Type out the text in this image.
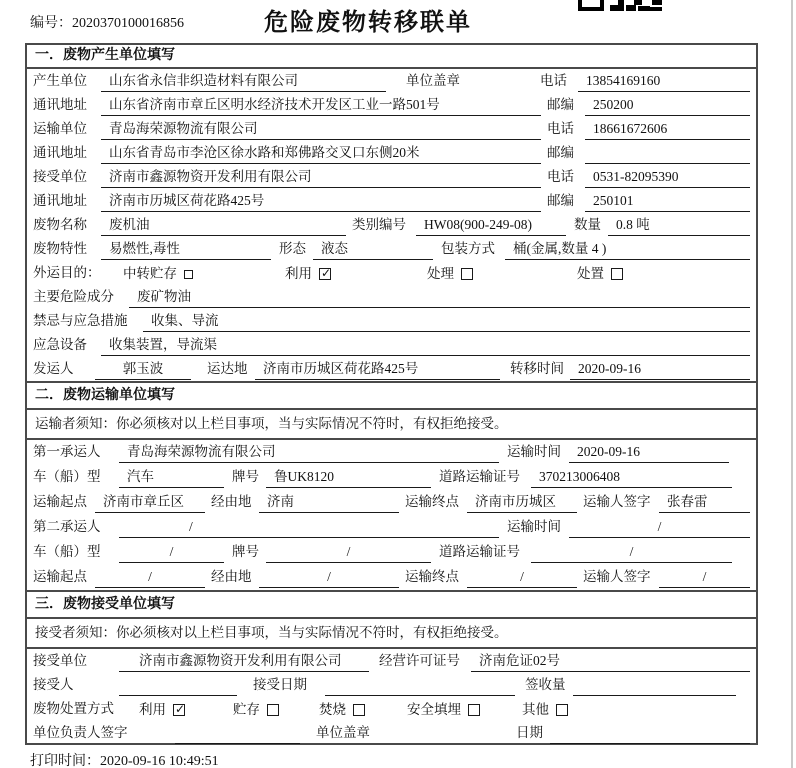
编号：2020370100016856	危险废物转移联单
一．废物产生单位填写
产生单位	山东省永信非织造材料有限公司	单位盖章	电话	13854169160
通讯地址	山东省济南市章丘区明水经济技术开发区工业一路501号	邮编	250200
运输单位	青岛海荣源物流有限公司	电话	18661672606
通讯地址	山东省青岛市李沧区徐水路和郑佛路交叉口东侧20米	邮编
接受单位	济南市鑫源物资开发利用有限公司	电话	0531-82095390
通讯地址	济南市历城区荷花路425号	邮编	250101
废物名称	废机油	类别编号	HW08(900-249-08)	数量	0.8 吨
废物特性	易燃性,毒性	形态	液态	包装方式	桶(金属,数量 4 )
外运目的：	中转贮存	利用 ✓	处理	处置
主要危险成分	废矿物油
禁忌与应急措施	收集、导流
应急设备	收集装置，导流渠
发运人	郭玉波	运达地	济南市历城区荷花路425号	转移时间	2020-09-16
二．废物运输单位填写
运输者须知：你必须核对以上栏目事项，当与实际情况不符时，有权拒绝接受。
第一承运人	青岛海荣源物流有限公司	运输时间	2020-09-16
车（船）型	汽车	牌号	鲁UK8120	道路运输证号	370213006408
运输起点	济南市章丘区	经由地	济南	运输终点	济南市历城区	运输人签字	张春雷
第二承运人	/	运输时间	/
车（船）型	/	牌号	/	道路运输证号	/
运输起点	/	经由地	/	运输终点	/	运输人签字	/
三．废物接受单位填写
接受者须知：你必须核对以上栏目事项，当与实际情况不符时，有权拒绝接受。
接受单位	济南市鑫源物资开发利用有限公司	经营许可证号	济南危证02号
接受人	接受日期	签收量
废物处置方式	利用 ✓	贮存	焚烧	安全填埋	其他
单位负责人签字	单位盖章	日期
打印时间：2020-09-16 10:49:51
